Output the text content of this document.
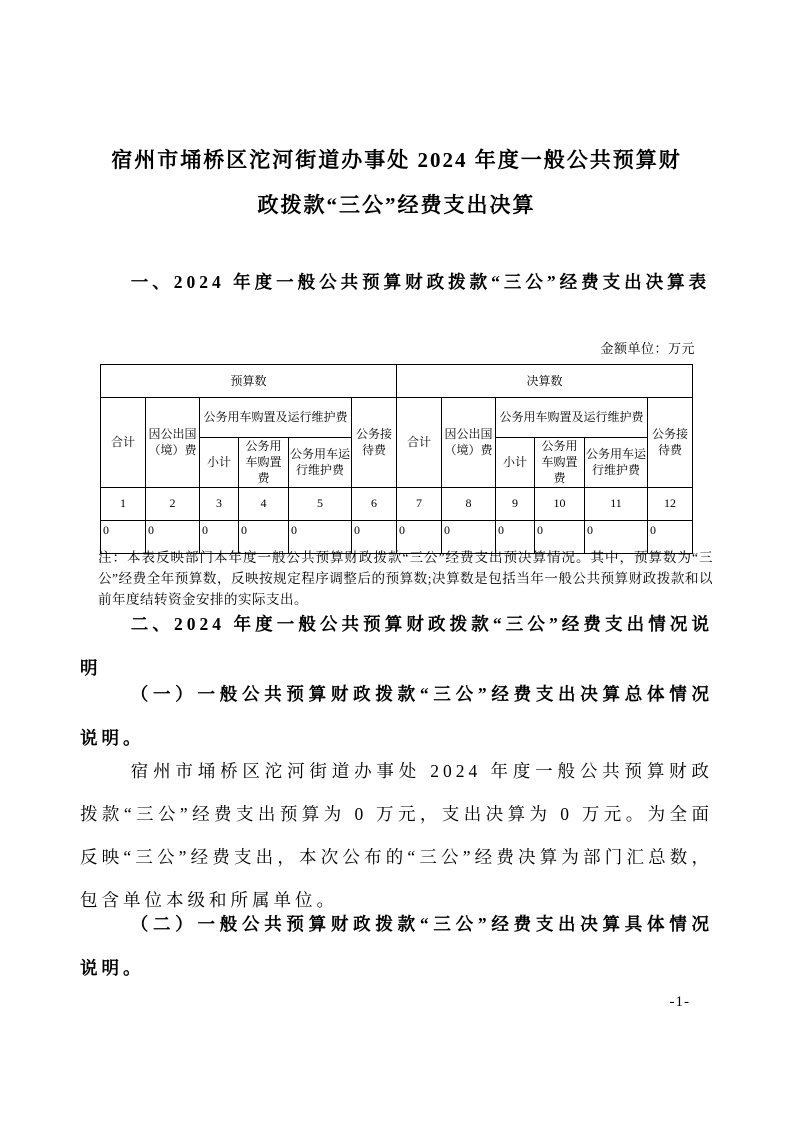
宿州市埇桥区沱河街道办事处 2024 年度一般公共预算财
政拨款“三公”经费支出决算
一、2024 年度一般公共预算财政拨款“三公”经费支出决算表
金额单位：万元
预算数						决算数					
合计	因公出国（境）费	公务用车购置及运行维护费			公务接待费	合计	因公出国（境）费	公务用车购置及运行维护费			公务接待费
		小计	公务用车购置费	公务用车运行维护费				小计	公务用车购置费	公务用车运行维护费	
1	2	3	4	5	6	7	8	9	10	11	12
0	0	0	0	0	0	0	0	0	0	0	0
注：本表反映部门本年度一般公共预算财政拨款“三公”经费支出预决算情况。其中，预算数为“三公”经费全年预算数，反映按规定程序调整后的预算数;决算数是包括当年一般公共预算财政拨款和以前年度结转资金安排的实际支出。
二、2024 年度一般公共预算财政拨款“三公”经费支出情况说明
（一）一般公共预算财政拨款“三公”经费支出决算总体情况说明。
宿州市埇桥区沱河街道办事处 2024 年度一般公共预算财政拨款“三公”经费支出预算为 0 万元，支出决算为 0 万元。为全面反映“三公”经费支出，本次公布的“三公”经费决算为部门汇总数，包含单位本级和所属单位。
（二）一般公共预算财政拨款“三公”经费支出决算具体情况说明。
-1-
